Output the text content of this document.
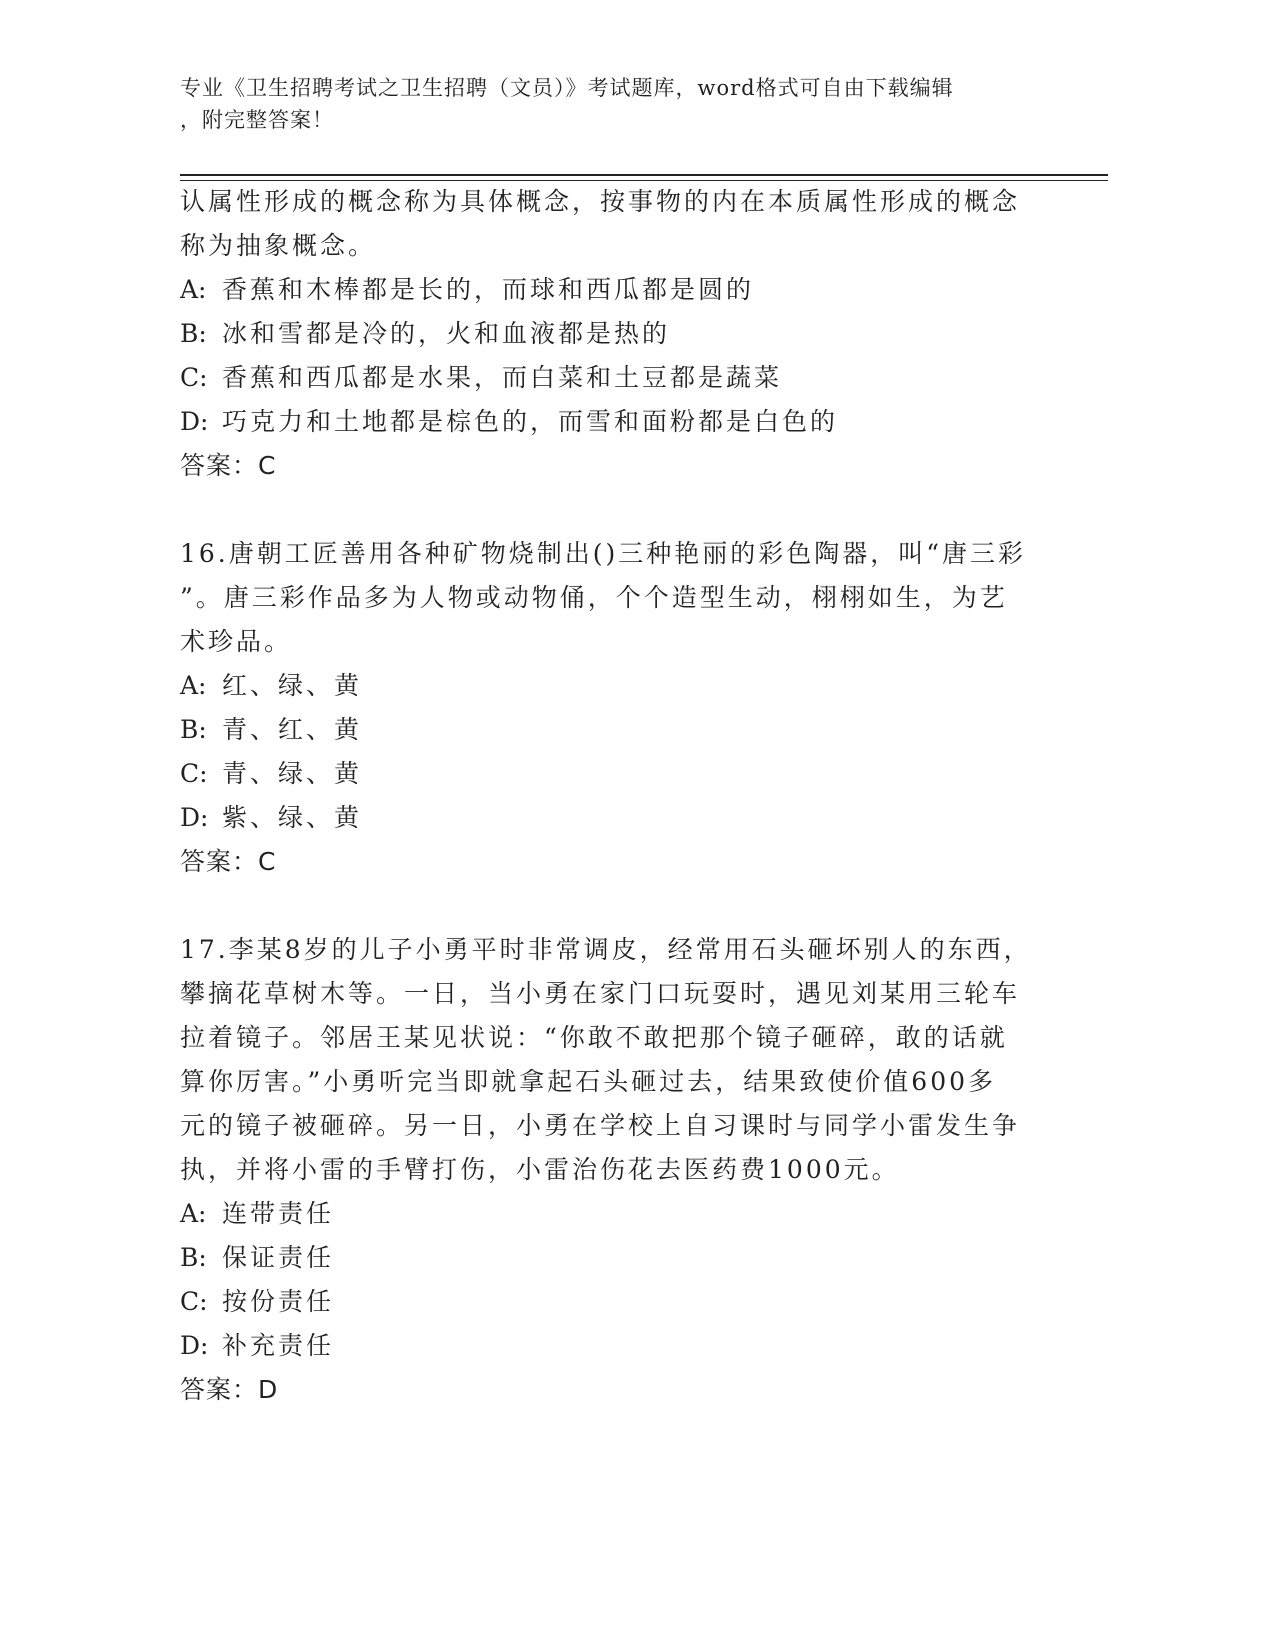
专业《卫生招聘考试之卫生招聘（文员）》考试题库，word格式可自由下载编辑
，附完整答案！

认属性形成的概念称为具体概念，按事物的内在本质属性形成的概念

称为抽象概念。

A: 香蕉和木棒都是长的，而球和西瓜都是圆的

B: 冰和雪都是冷的，火和血液都是热的

C: 香蕉和西瓜都是水果，而白菜和土豆都是蔬菜

D: 巧克力和土地都是棕色的，而雪和面粉都是白色的

答案：C

16.唐朝工匠善用各种矿物烧制出()三种艳丽的彩色陶器，叫“唐三彩

”。唐三彩作品多为人物或动物俑，个个造型生动，栩栩如生，为艺

术珍品。

A: 红、绿、黄

B: 青、红、黄

C: 青、绿、黄

D: 紫、绿、黄

答案：C

17.李某8岁的儿子小勇平时非常调皮，经常用石头砸坏别人的东西，

攀摘花草树木等。一日，当小勇在家门口玩耍时，遇见刘某用三轮车

拉着镜子。邻居王某见状说：“你敢不敢把那个镜子砸碎，敢的话就

算你厉害。”小勇听完当即就拿起石头砸过去，结果致使价值600多

元的镜子被砸碎。另一日，小勇在学校上自习课时与同学小雷发生争

执，并将小雷的手臂打伤，小雷治伤花去医药费1000元。

A: 连带责任

B: 保证责任

C: 按份责任

D: 补充责任

答案：D
